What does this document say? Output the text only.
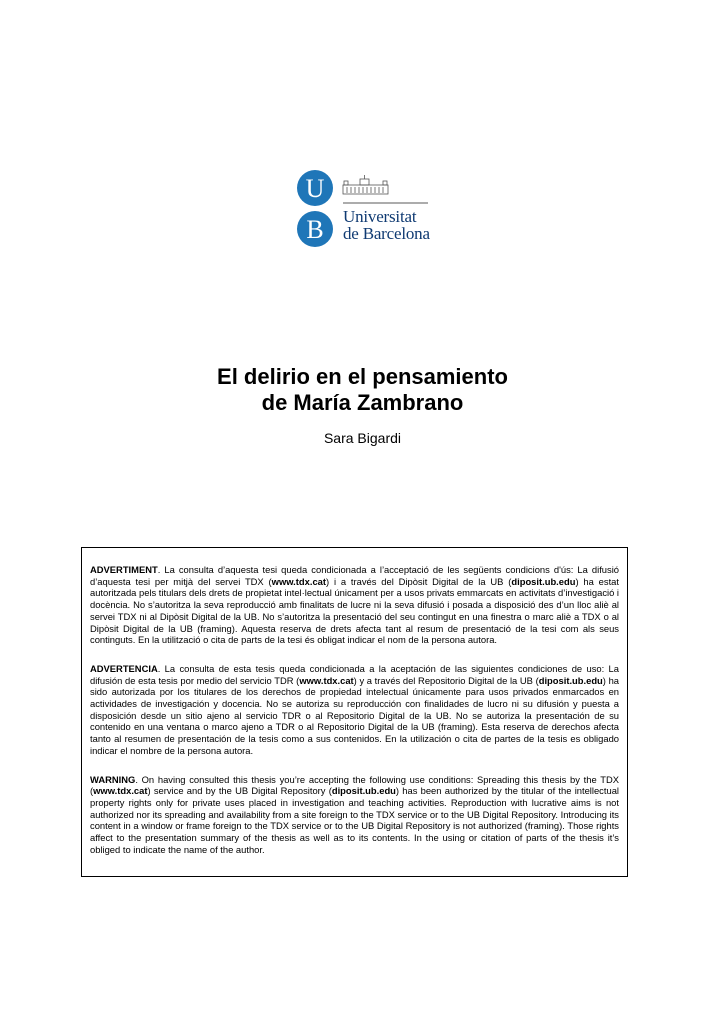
U
B Universitat
de Barcelona
El delirio en el pensamiento
de María Zambrano
Sara Bigardi

ADVERTIMENT. La consulta d’aquesta tesi queda condicionada a l’acceptació de les següents condicions d'ús: La difusió d’aquesta tesi per mitjà del servei TDX (www.tdx.cat) i a través del Dipòsit Digital de la UB (diposit.ub.edu) ha estat autoritzada pels titulars dels drets de propietat intel·lectual únicament per a usos privats emmarcats en activitats d’investigació i docència. No s’autoritza la seva reproducció amb finalitats de lucre ni la seva difusió i posada a disposició des d’un lloc aliè al servei TDX ni al Dipòsit Digital de la UB. No s’autoritza la presentació del seu contingut en una finestra o marc aliè a TDX o al Dipòsit Digital de la UB (framing). Aquesta reserva de drets afecta tant al resum de presentació de la tesi com als seus continguts. En la utilització o cita de parts de la tesi és obligat indicar el nom de la persona autora.

ADVERTENCIA. La consulta de esta tesis queda condicionada a la aceptación de las siguientes condiciones de uso: La difusión de esta tesis por medio del servicio TDR (www.tdx.cat) y a través del Repositorio Digital de la UB (diposit.ub.edu) ha sido autorizada por los titulares de los derechos de propiedad intelectual únicamente para usos privados enmarcados en actividades de investigación y docencia. No se autoriza su reproducción con finalidades de lucro ni su difusión y puesta a disposición desde un sitio ajeno al servicio TDR o al Repositorio Digital de la UB. No se autoriza la presentación de su contenido en una ventana o marco ajeno a TDR o al Repositorio Digital de la UB (framing). Esta reserva de derechos afecta tanto al resumen de presentación de la tesis como a sus contenidos. En la utilización o cita de partes de la tesis es obligado indicar el nombre de la persona autora.

WARNING. On having consulted this thesis you’re accepting the following use conditions: Spreading this thesis by the TDX (www.tdx.cat) service and by the UB Digital Repository (diposit.ub.edu) has been authorized by the titular of the intellectual property rights only for private uses placed in investigation and teaching activities. Reproduction with lucrative aims is not authorized nor its spreading and availability from a site foreign to the TDX service or to the UB Digital Repository. Introducing its content in a window or frame foreign to the TDX service or to the UB Digital Repository is not authorized (framing). Those rights affect to the presentation summary of the thesis as well as to its contents. In the using or citation of parts of the thesis it’s obliged to indicate the name of the author.
